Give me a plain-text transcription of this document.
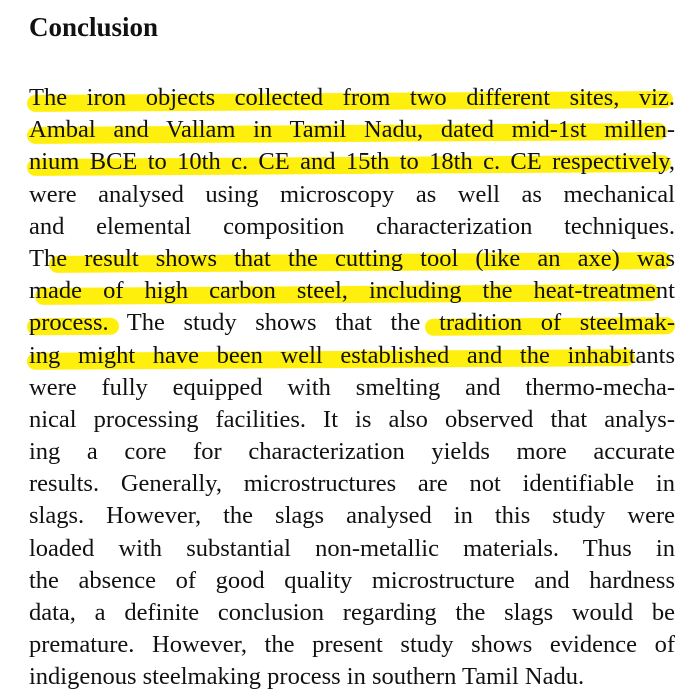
Conclusion
The iron objects collected from two different sites, viz.
Ambal and Vallam in Tamil Nadu, dated mid-1st millen-
nium BCE to 10th c. CE and 15th to 18th c. CE respectively,
were analysed using microscopy as well as mechanical
and elemental composition characterization techniques.
The result shows that the cutting tool (like an axe) was
made of high carbon steel, including the heat-treatment
process. The study shows that the tradition of steelmak-
ing might have been well established and the inhabitants
were fully equipped with smelting and thermo-mecha-
nical processing facilities. It is also observed that analys-
ing a core for characterization yields more accurate
results. Generally, microstructures are not identifiable in
slags. However, the slags analysed in this study were
loaded with substantial non-metallic materials. Thus in
the absence of good quality microstructure and hardness
data, a definite conclusion regarding the slags would be
premature. However, the present study shows evidence of
indigenous steelmaking process in southern Tamil Nadu.
